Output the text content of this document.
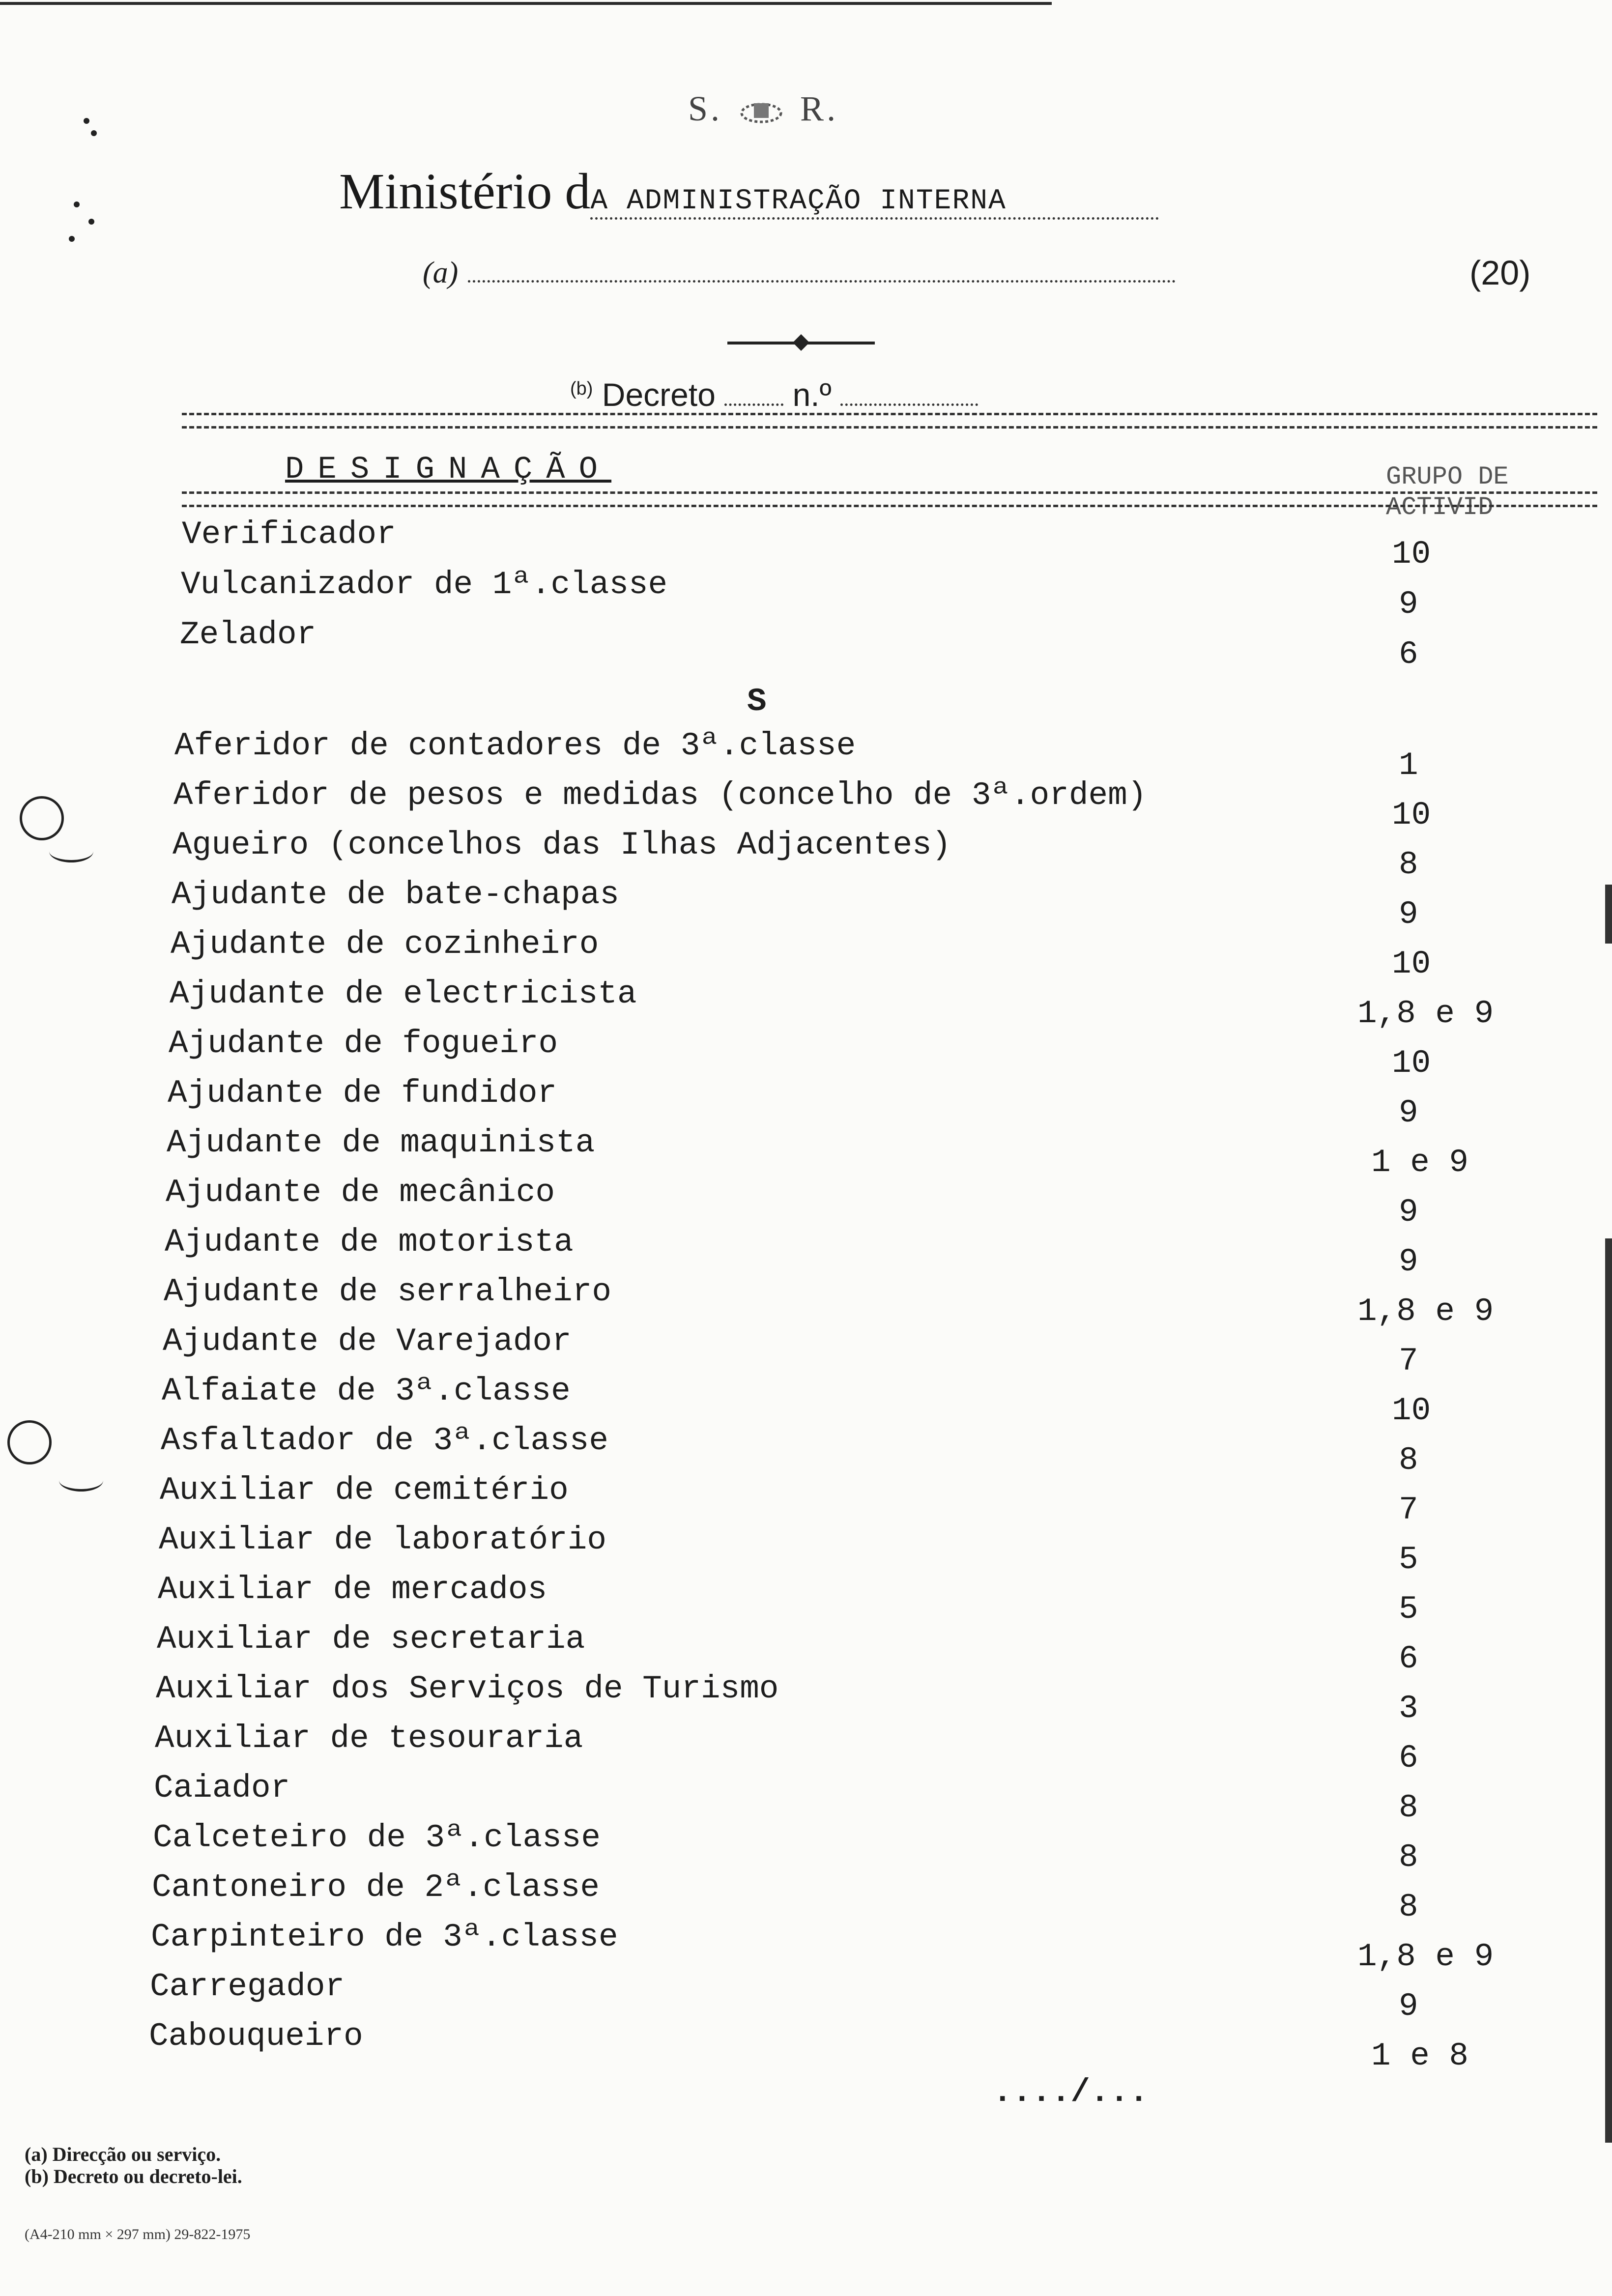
S. R.
Ministério dA ADMINISTRAÇÃO INTERNA
(a)	(20)
$^{(b)}$ Decreto n.º
DESIGNAÇÃO	GRUPO DE
ACTIVID
Verificador
10
Vulcanizador de 1ª.classe
9
Zelador
6
S
Aferidor de contadores de 3ª.classe
1
Aferidor de pesos e medidas (concelho de 3ª.ordem)
10
Agueiro (concelhos das Ilhas Adjacentes)
8
Ajudante de bate-chapas
9
Ajudante de cozinheiro
10
Ajudante de electricista
1,8 e 9
Ajudante de fogueiro
10
Ajudante de fundidor
9
Ajudante de maquinista
1 e 9
Ajudante de mecânico
9
Ajudante de motorista
9
Ajudante de serralheiro
1,8 e 9
Ajudante de Varejador
7
Alfaiate de 3ª.classe
10
Asfaltador de 3ª.classe
8
Auxiliar de cemitério
7
Auxiliar de laboratório
5
Auxiliar de mercados
5
Auxiliar de secretaria
6
Auxiliar dos Serviços de Turismo
3
Auxiliar de tesouraria
6
Caiador
8
Calceteiro de 3ª.classe
8
Cantoneiro de 2ª.classe
8
Carpinteiro de 3ª.classe
1,8 e 9
Carregador
9
Cabouqueiro
1 e 8
..../...
(a) Direcção ou serviço.
(b) Decreto ou decreto-lei.
(A4-210 mm × 297 mm) 29-822-1975
